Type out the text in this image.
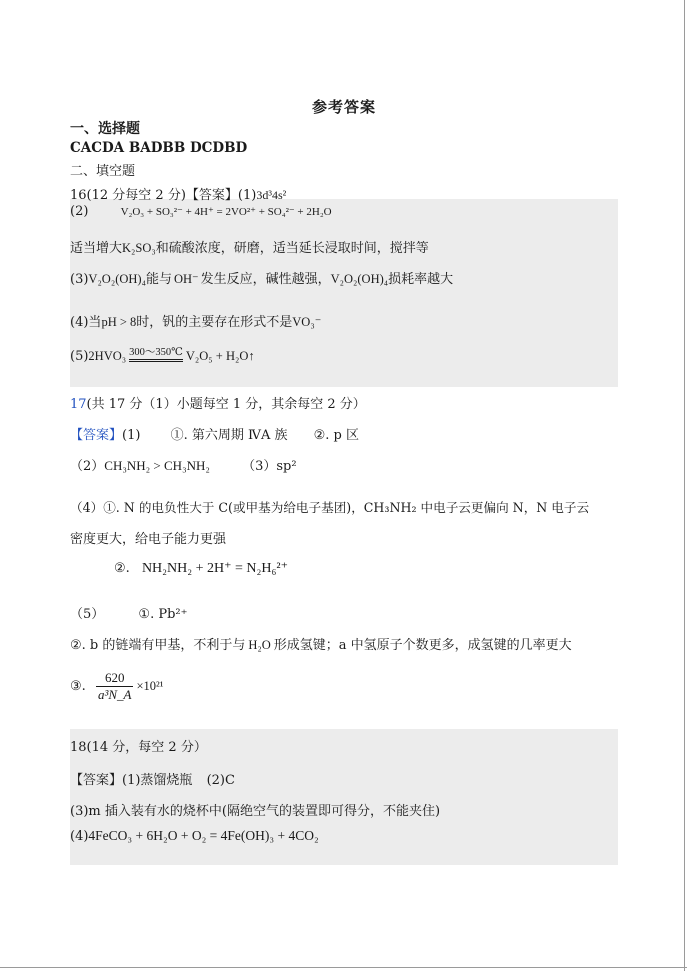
参考答案
一、选择题
CACDA BADBB DCDBD
二、填空题
16(12 分每空 2 分)【答案】(1)3d³4s²
(2)	V₂O₃ + SO₃²⁻ + 4H⁺ = 2VO²⁺ + SO₄²⁻ + 2H₂O
适当增大K₂SO₃和硫酸浓度，研磨，适当延长浸取时间，搅拌等
(3)V₂O₂(OH)₄能与 OH⁻ 发生反应，碱性越强，V₂O₂(OH)₄损耗率越大
(4)当pH > 8时，钒的主要存在形式不是VO₃⁻
(5)2HVO₃ 300～350℃ V₂O₅ + H₂O↑
17(共 17 分（1）小题每空 1 分，其余每空 2 分）
【答案】(1) ①. 第六周期 ⅣA 族 ②. p 区
（2）CH₃NH₂ > CH₃NH₂ （3）sp²
（4）①. N 的电负性大于 C(或甲基为给电子基团)，CH₃NH₂ 中电子云更偏向 N，N 电子云
密度更大，给电子能力更强
②. NH₂NH₂ + 2H⁺ = N₂H₆²⁺
（5）	①. Pb²⁺
②. b 的链端有甲基，不利于与 H₂O 形成氢键；a 中氢原子个数更多，成氢键的几率更大
③. $\frac{620}{\text{a³N\_A}} \times 10^{21}$
18(14 分，每空 2 分）
【答案】(1)蒸馏烧瓶 (2)C
(3)m 插入装有水的烧杯中(隔绝空气的装置即可得分，不能夹住)
(4)4FeCO₃ + 6H₂O + O₂ = 4Fe(OH)₃ + 4CO₂
